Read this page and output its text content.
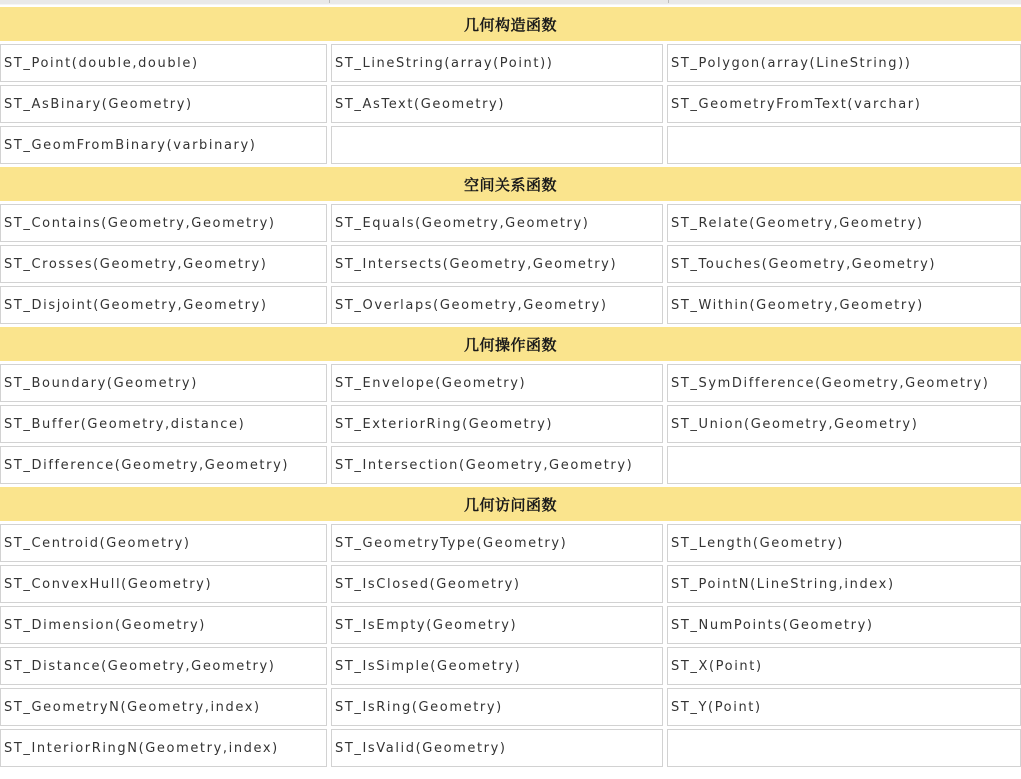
几何构造函数
ST_Point(double,double)	ST_LineString(array(Point))	ST_Polygon(array(LineString))
ST_AsBinary(Geometry)	ST_AsText(Geometry)	ST_GeometryFromText(varchar)
ST_GeomFromBinary(varbinary)
空间关系函数
ST_Contains(Geometry,Geometry)	ST_Equals(Geometry,Geometry)	ST_Relate(Geometry,Geometry)
ST_Crosses(Geometry,Geometry)	ST_Intersects(Geometry,Geometry)	ST_Touches(Geometry,Geometry)
ST_Disjoint(Geometry,Geometry)	ST_Overlaps(Geometry,Geometry)	ST_Within(Geometry,Geometry)
几何操作函数
ST_Boundary(Geometry)	ST_Envelope(Geometry)	ST_SymDifference(Geometry,Geometry)
ST_Buffer(Geometry,distance)	ST_ExteriorRing(Geometry)	ST_Union(Geometry,Geometry)
ST_Difference(Geometry,Geometry)	ST_Intersection(Geometry,Geometry)
几何访问函数
ST_Centroid(Geometry)	ST_GeometryType(Geometry)	ST_Length(Geometry)
ST_ConvexHull(Geometry)	ST_IsClosed(Geometry)	ST_PointN(LineString,index)
ST_Dimension(Geometry)	ST_IsEmpty(Geometry)	ST_NumPoints(Geometry)
ST_Distance(Geometry,Geometry)	ST_IsSimple(Geometry)	ST_X(Point)
ST_GeometryN(Geometry,index)	ST_IsRing(Geometry)	ST_Y(Point)
ST_InteriorRingN(Geometry,index)	ST_IsValid(Geometry)
